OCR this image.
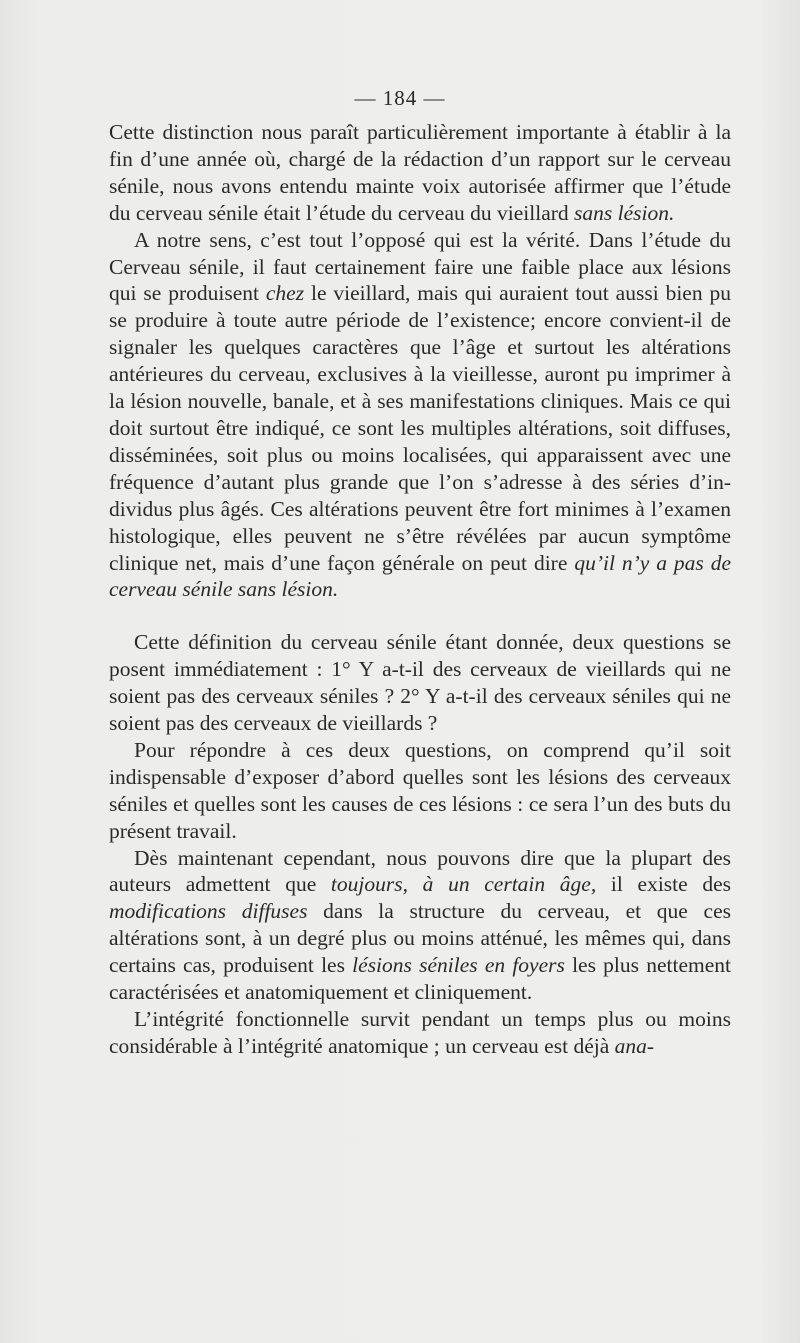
— 184 —

Cette distinction nous paraît particulièrement importante à établir à la fin d’une année où, chargé de la rédaction d’un rapport sur le cerveau sénile, nous avons entendu mainte voix autorisée affirmer que l’étude du cerveau sénile était l’étude du cerveau du vieillard sans lésion.

A notre sens, c’est tout l’opposé qui est la vérité. Dans l’étude du Cerveau sénile, il faut certainement faire une faible place aux lésions qui se produisent chez le vieillard, mais qui auraient tout aussi bien pu se produire à toute autre période de l’existence; encore convient-il de signaler les quelques caractères que l’âge et surtout les altérations antérieures du cerveau, exclusives à la vieillesse, auront pu imprimer à la lésion nouvelle, banale, et à ses manifestations cliniques. Mais ce qui doit surtout être indiqué, ce sont les multiples altérations, soit diffuses, disséminées, soit plus ou moins localisées, qui apparaissent avec une fréquence d’autant plus grande que l’on s’adresse à des séries d’individus plus âgés. Ces altérations peuvent être fort minimes à l’examen histologique, elles peuvent ne s’être révélées par aucun symptôme clinique net, mais d’une façon générale on peut dire qu’il n’y a pas de cerveau sénile sans lésion.

Cette définition du cerveau sénile étant donnée, deux questions se posent immédiatement : 1° Y a-t-il des cerveaux de vieillards qui ne soient pas des cerveaux séniles ? 2° Y a-t-il des cerveaux séniles qui ne soient pas des cerveaux de vieillards ?

Pour répondre à ces deux questions, on comprend qu’il soit indispensable d’exposer d’abord quelles sont les lésions des cerveaux séniles et quelles sont les causes de ces lésions : ce sera l’un des buts du présent travail.

Dès maintenant cependant, nous pouvons dire que la plupart des auteurs admettent que toujours, à un certain âge, il existe des modifications diffuses dans la structure du cerveau, et que ces altérations sont, à un degré plus ou moins atténué, les mêmes qui, dans certains cas, produisent les lésions séniles en foyers les plus nettement caractérisées et anatomiquement et cliniquement.

L’intégrité fonctionnelle survit pendant un temps plus ou moins considérable à l’intégrité anatomique ; un cerveau est déjà ana-
